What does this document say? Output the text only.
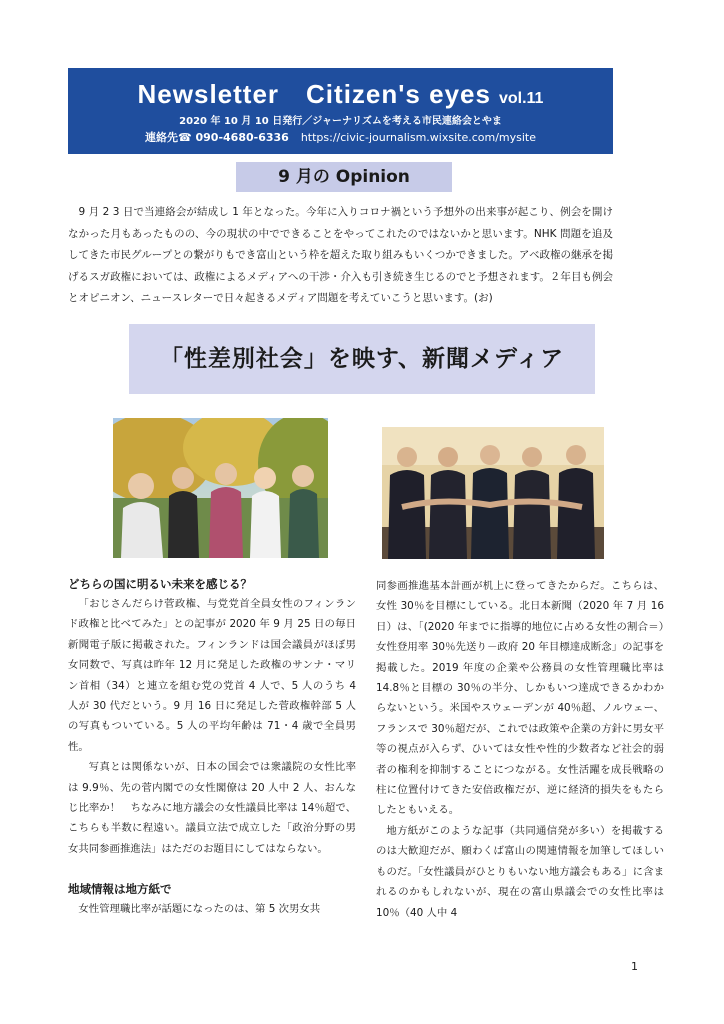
Newsletter　Citizen's eyes vol.11
2020 年 10 月 10 日発行／ジャーナリズムを考える市民連絡会とやま
連絡先☎ 090-4680-6336 https://civic-journalism.wixsite.com/mysite
9 月の Opinion
9 月 2 3 日で当連絡会が結成し 1 年となった。今年に入りコロナ禍という予想外の出来事が起こり、例会を開けなかった月もあったものの、今の現状の中でできることをやってこれたのではないかと思います。NHK 問題を追及してきた市民グループとの繋がりもでき富山という枠を超えた取り組みもいくつかできました。アベ政権の継承を掲げるスガ政権においては、政権によるメディアへの干渉・介入も引き続き生じるのでと予想されます。２年目も例会とオピニオン、ニュースレターで日々起きるメディア問題を考えていこうと思います。(お)
「性差別社会」を映す、新聞メディア
どちらの国に明るい未来を感じる？

「おじさんだらけ菅政権、与党党首全員女性のフィンランド政権と比べてみた」との記事が 2020 年 9 月 25 日の毎日新聞電子版に掲載された。フィンランドは国会議員がほぼ男女同数で、写真は昨年 12 月に発足した政権のサンナ・マリン首相（34）と連立を組む党の党首 4 人で、5 人のうち 4 人が 30 代だという。9 月 16 日に発足した菅政権幹部 5 人の写真もついている。5 人の平均年齢は 71・4 歳で全員男性。

写真とは関係ないが、日本の国会では衆議院の女性比率は 9.9％、先の菅内閣での女性閣僚は 20 人中 2 人、おんなじ比率か！　ちなみに地方議会の女性議員比率は 14％超で、こちらも半数に程遠い。議員立法で成立した「政治分野の男女共同参画推進法」はただのお題目にしてはならない。

地域情報は地方紙で

女性管理職比率が話題になったのは、第 5 次男女共

同参画推進基本計画が机上に登ってきたからだ。こちらは、女性 30％を目標にしている。北日本新聞（2020 年 7 月 16 日）は、「(2020 年までに指導的地位に占める女性の割合＝）女性登用率 30％先送り－政府 20 年目標達成断念」の記事を掲載した。2019 年度の企業や公務員の女性管理職比率は 14.8％と目標の 30％の半分、しかもいつ達成できるかわからないという。米国やスウェーデンが 40％超、ノルウェー、フランスで 30％超だが、これでは政策や企業の方針に男女平等の視点が入らず、ひいては女性や性的少数者など社会的弱者の権利を抑制することにつながる。女性活躍を成長戦略の柱に位置付けてきた安倍政権だが、逆に経済的損失をもたらしたともいえる。

地方紙がこのような記事（共同通信発が多い）を掲載するのは大歓迎だが、願わくば富山の関連情報を加筆してほしいものだ。「女性議員がひとりもいない地方議会もある」に含まれるのかもしれないが、現在の富山県議会での女性比率は 10％（40 人中 4

1
